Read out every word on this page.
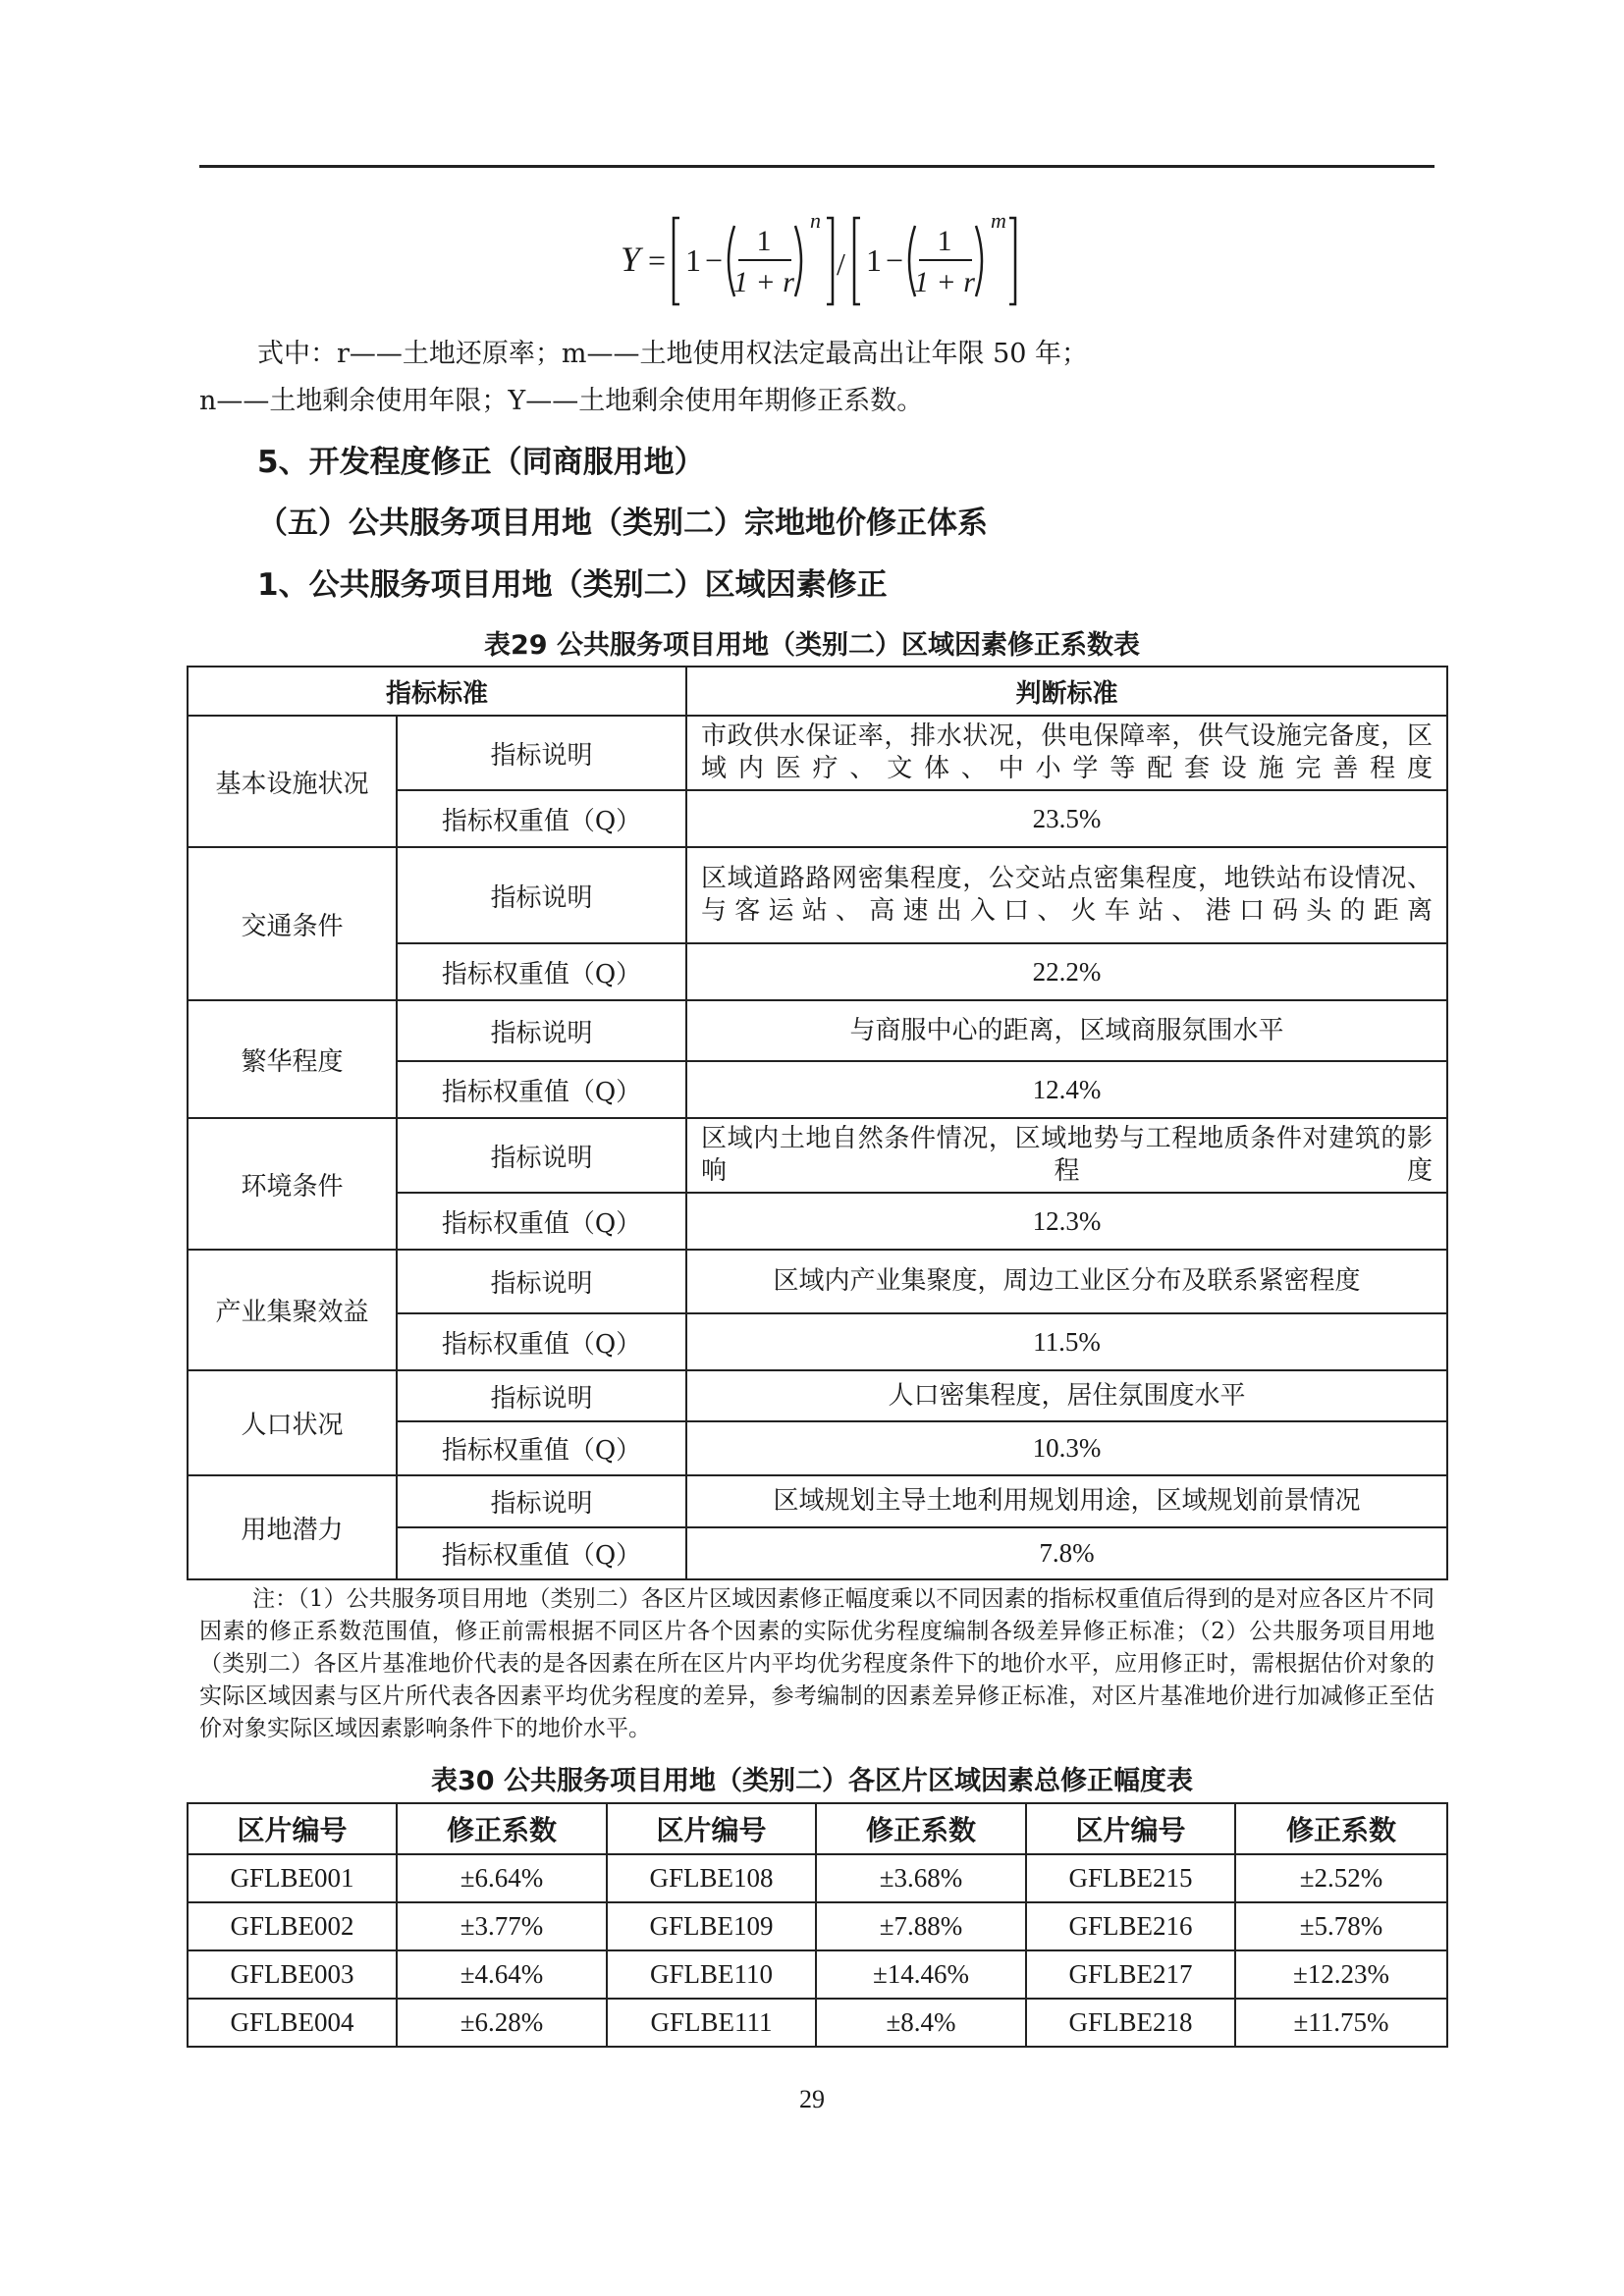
Y = 1 −
1
1 + r
n
/ 1 −
1
1 + r
m
式中：r——土地还原率；m——土地使用权法定最高出让年限 50 年；
n——土地剩余使用年限；Y——土地剩余使用年期修正系数。
5、开发程度修正（同商服用地）
（五）公共服务项目用地（类别二）宗地地价修正体系
1、公共服务项目用地（类别二）区域因素修正
表29 公共服务项目用地（类别二）区域因素修正系数表
指标标准		判断标准
基本设施状况	指标说明	市政供水保证率，排水状况，供电保障率，供气设施完备度，区域内医疗、文体、中小学等配套设施完善程度
	指标权重值（Q）	23.5%
交通条件	指标说明	区域道路路网密集程度，公交站点密集程度，地铁站布设情况、与客运站、高速出入口、火车站、港口码头的距离
	指标权重值（Q）	22.2%
繁华程度	指标说明	与商服中心的距离，区域商服氛围水平
	指标权重值（Q）	12.4%
环境条件	指标说明	区域内土地自然条件情况，区域地势与工程地质条件对建筑的影响程度
	指标权重值（Q）	12.3%
产业集聚效益	指标说明	区域内产业集聚度，周边工业区分布及联系紧密程度
	指标权重值（Q）	11.5%
人口状况	指标说明	人口密集程度，居住氛围度水平
	指标权重值（Q）	10.3%
用地潜力	指标说明	区域规划主导土地利用规划用途，区域规划前景情况
	指标权重值（Q）	7.8%
注：（1）公共服务项目用地（类别二）各区片区域因素修正幅度乘以不同因素的指标权重值后得到的是对应各区片不同因素的修正系数范围值，修正前需根据不同区片各个因素的实际优劣程度编制各级差异修正标准；（2）公共服务项目用地（类别二）各区片基准地价代表的是各因素在所在区片内平均优劣程度条件下的地价水平，应用修正时，需根据估价对象的实际区域因素与区片所代表各因素平均优劣程度的差异，参考编制的因素差异修正标准，对区片基准地价进行加减修正至估价对象实际区域因素影响条件下的地价水平。
表30 公共服务项目用地（类别二）各区片区域因素总修正幅度表
区片编号	修正系数	区片编号	修正系数	区片编号	修正系数
GFLBE001	±6.64%	GFLBE108	±3.68%	GFLBE215	±2.52%
GFLBE002	±3.77%	GFLBE109	±7.88%	GFLBE216	±5.78%
GFLBE003	±4.64%	GFLBE110	±14.46%	GFLBE217	±12.23%
GFLBE004	±6.28%	GFLBE111	±8.4%	GFLBE218	±11.75%
29
